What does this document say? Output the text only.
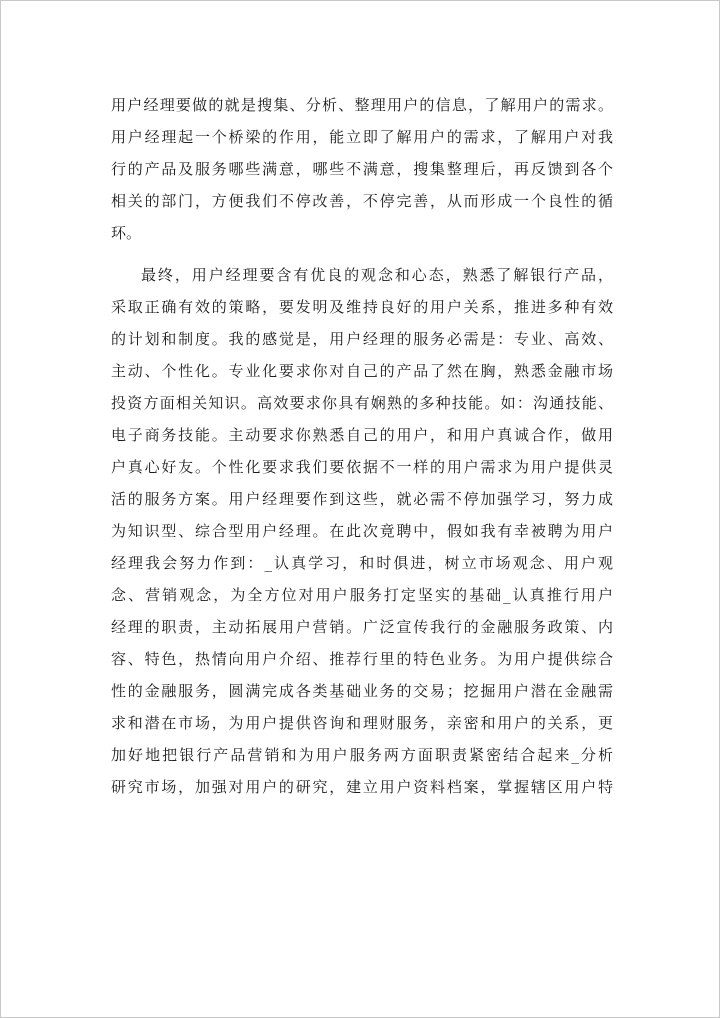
用户经理要做的就是搜集、分析、整理用户的信息，了解用户的需求。
用户经理起一个桥梁的作用，能立即了解用户的需求，了解用户对我
行的产品及服务哪些满意，哪些不满意，搜集整理后，再反馈到各个
相关的部门，方便我们不停改善，不停完善，从而形成一个良性的循
环。
最终，用户经理要含有优良的观念和心态，熟悉了解银行产品，
采取正确有效的策略，要发明及维持良好的用户关系，推进多种有效
的计划和制度。我的感觉是，用户经理的服务必需是：专业、高效、
主动、个性化。专业化要求你对自己的产品了然在胸，熟悉金融市场
投资方面相关知识。高效要求你具有娴熟的多种技能。如：沟通技能、
电子商务技能。主动要求你熟悉自己的用户，和用户真诚合作，做用
户真心好友。个性化要求我们要依据不一样的用户需求为用户提供灵
活的服务方案。用户经理要作到这些，就必需不停加强学习，努力成
为知识型、综合型用户经理。在此次竟聘中，假如我有幸被聘为用户
经理我会努力作到：_认真学习，和时俱进，树立市场观念、用户观
念、营销观念，为全方位对用户服务打定坚实的基础_认真推行用户
经理的职责，主动拓展用户营销。广泛宣传我行的金融服务政策、内
容、特色，热情向用户介绍、推荐行里的特色业务。为用户提供综合
性的金融服务，圆满完成各类基础业务的交易；挖掘用户潜在金融需
求和潜在市场，为用户提供咨询和理财服务，亲密和用户的关系，更
加好地把银行产品营销和为用户服务两方面职责紧密结合起来_分析
研究市场，加强对用户的研究，建立用户资料档案，掌握辖区用户特
